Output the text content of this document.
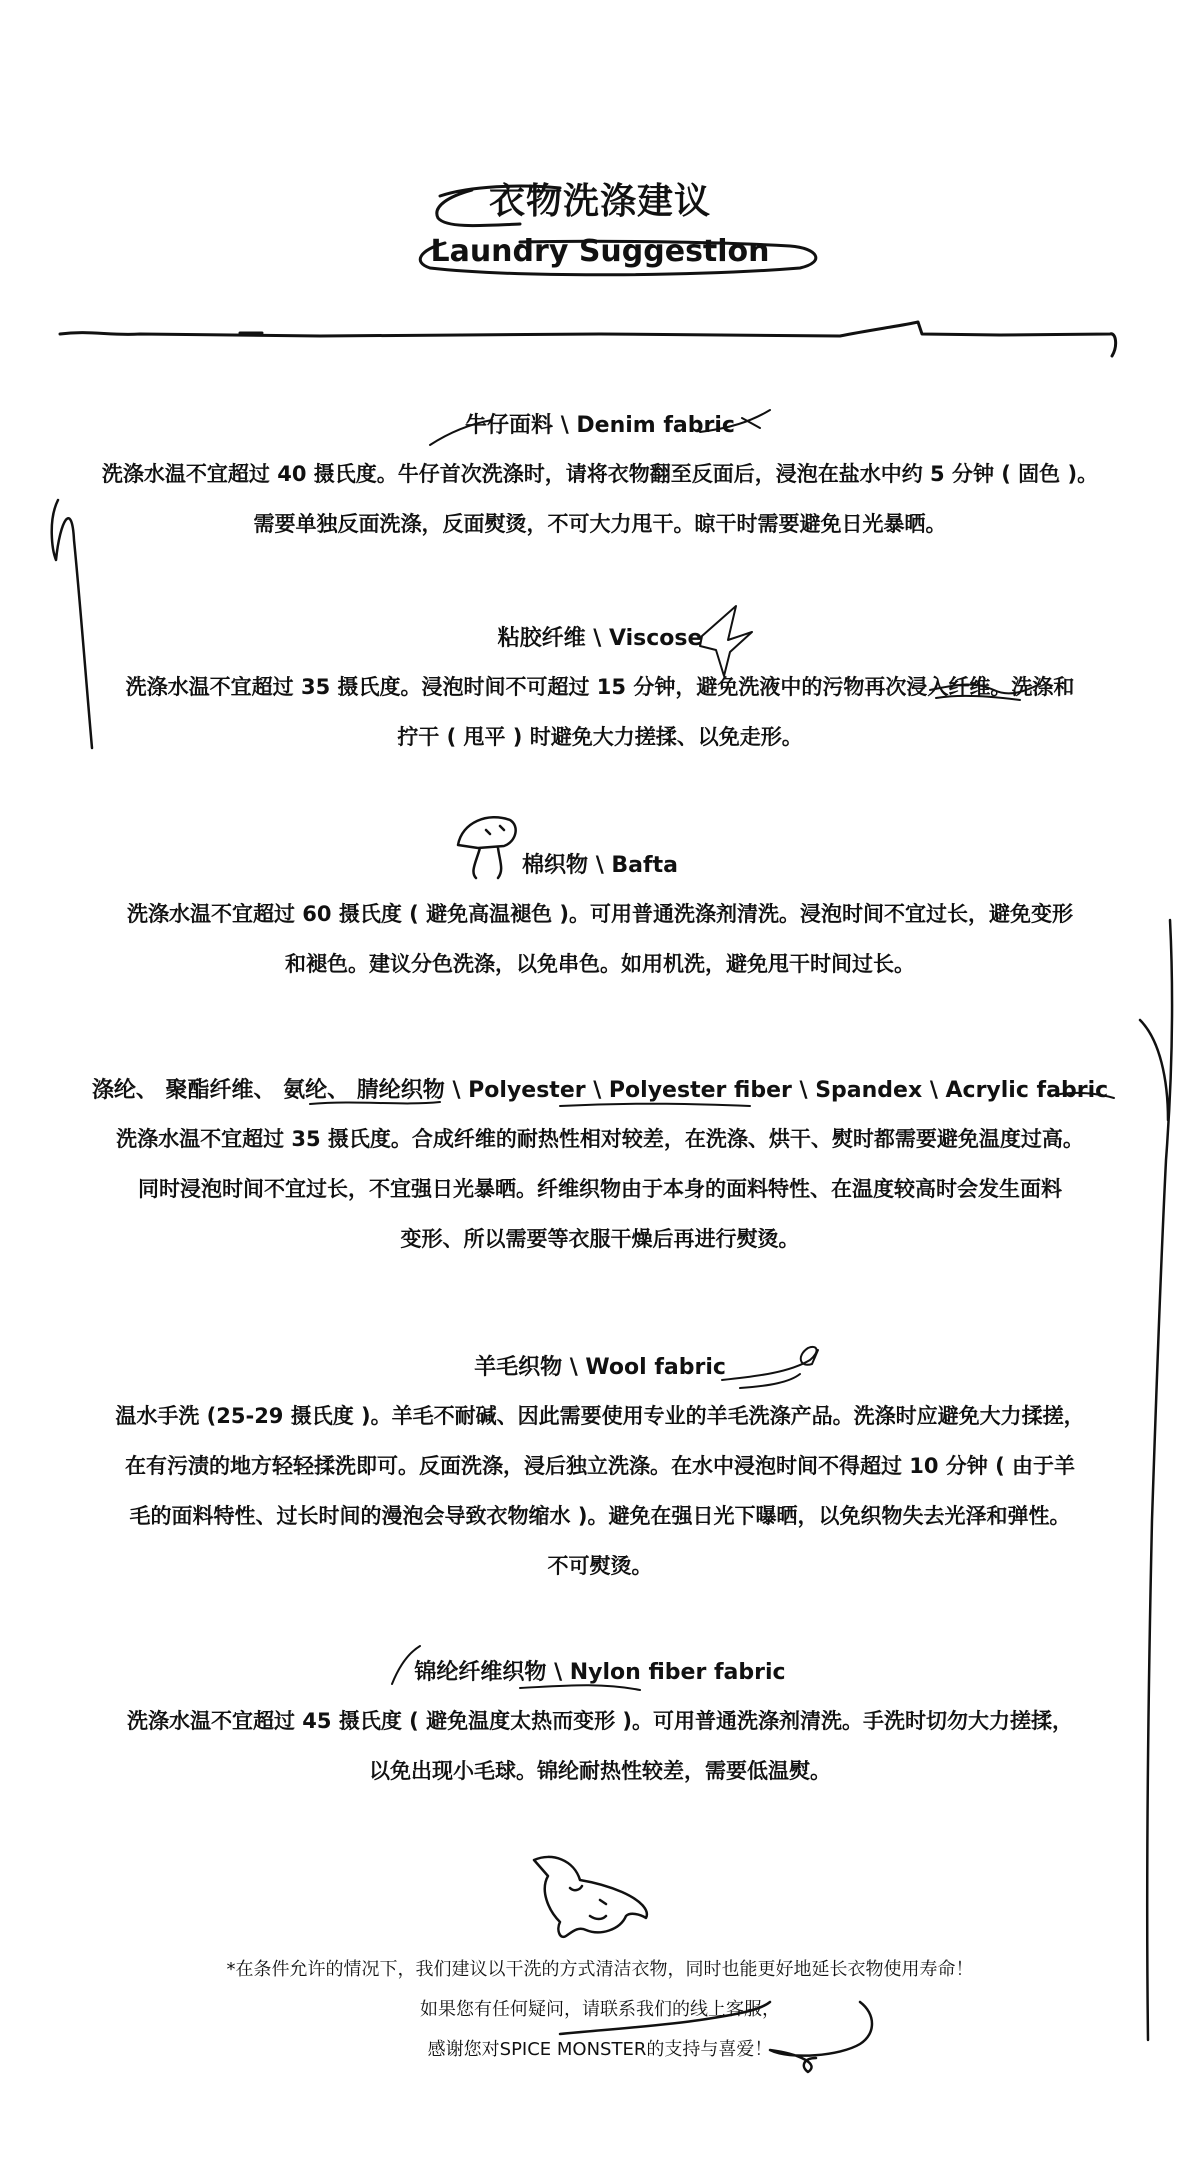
衣物洗涤建议
Laundry Suggestion
牛仔面料 \ Denim fabric

洗涤水温不宜超过 40 摄氏度。牛仔首次洗涤时，请将衣物翻至反面后，浸泡在盐水中约 5 分钟 ( 固色 )。

需要单独反面洗涤，反面熨烫，不可大力甩干。晾干时需要避免日光暴晒。

粘胶纤维 \ Viscose

洗涤水温不宜超过 35 摄氏度。浸泡时间不可超过 15 分钟，避免洗液中的污物再次浸入纤维。洗涤和

拧干 ( 甩平 ) 时避免大力搓揉、以免走形。

棉织物 \ Bafta

洗涤水温不宜超过 60 摄氏度 ( 避免高温褪色 )。可用普通洗涤剂清洗。浸泡时间不宜过长，避免变形

和褪色。建议分色洗涤，以免串色。如用机洗，避免甩干时间过长。

涤纶、 聚酯纤维、 氨纶、 腈纶织物 \ Polyester \ Polyester fiber \ Spandex \ Acrylic fabric

洗涤水温不宜超过 35 摄氏度。合成纤维的耐热性相对较差，在洗涤、烘干、熨时都需要避免温度过高。

同时浸泡时间不宜过长，不宜强日光暴晒。纤维织物由于本身的面料特性、在温度较高时会发生面料

变形、所以需要等衣服干燥后再进行熨烫。

羊毛织物 \ Wool fabric

温水手洗 (25-29 摄氏度 )。羊毛不耐碱、因此需要使用专业的羊毛洗涤产品。洗涤时应避免大力揉搓，

在有污渍的地方轻轻揉洗即可。反面洗涤，浸后独立洗涤。在水中浸泡时间不得超过 10 分钟 ( 由于羊

毛的面料特性、过长时间的漫泡会导致衣物缩水 )。避免在强日光下曝晒，以免织物失去光泽和弹性。

不可熨烫。

锦纶纤维织物 \ Nylon fiber fabric

洗涤水温不宜超过 45 摄氏度 ( 避免温度太热而变形 )。可用普通洗涤剂清洗。手洗时切勿大力搓揉，

以免出现小毛球。锦纶耐热性较差，需要低温熨。

*在条件允许的情况下，我们建议以干洗的方式清洁衣物，同时也能更好地延长衣物使用寿命！

如果您有任何疑问，请联系我们的线上客服，

感谢您对SPICE MONSTER的支持与喜爱！
